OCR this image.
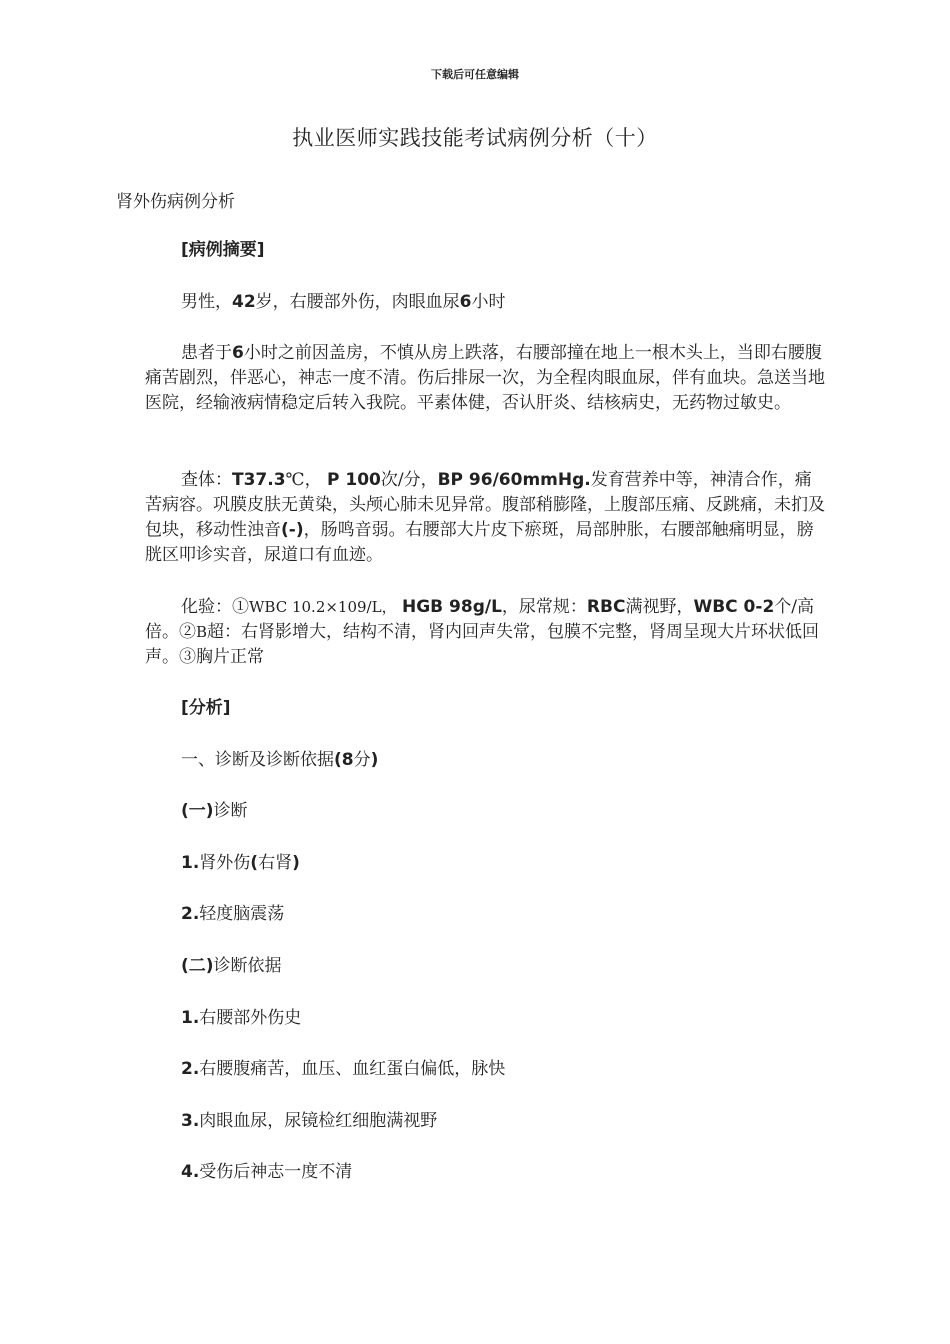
下载后可任意编辑
执业医师实践技能考试病例分析（十）
肾外伤病例分析
[病例摘要]
男性，42岁，右腰部外伤，肉眼血尿6小时
患者于6小时之前因盖房，不慎从房上跌落，右腰部撞在地上一根木头上，当即右腰腹痛苦剧烈，伴恶心，神志一度不清。伤后排尿一次，为全程肉眼血尿，伴有血块。急送当地医院，经输液病情稳定后转入我院。平素体健，否认肝炎、结核病史，无药物过敏史。
查体：T37.3℃， P 100次/分，BP 96/60mmHg.发育营养中等，神清合作，痛苦病容。巩膜皮肤无黄染，头颅心肺未见异常。腹部稍膨隆，上腹部压痛、反跳痛，未扪及包块，移动性浊音(-)，肠鸣音弱。右腰部大片皮下瘀斑，局部肿胀，右腰部触痛明显，膀胱区叩诊实音，尿道口有血迹。
化验：①WBC 10.2×109/L， HGB 98g/L，尿常规：RBC满视野，WBC 0-2个/高倍。②B超：右肾影增大，结构不清，肾内回声失常，包膜不完整，肾周呈现大片环状低回声。③胸片正常
[分析]
一、诊断及诊断依据(8分)
(一)诊断
1.肾外伤(右肾)
2.轻度脑震荡
(二)诊断依据
1.右腰部外伤史
2.右腰腹痛苦，血压、血红蛋白偏低，脉快
3.肉眼血尿，尿镜检红细胞满视野
4.受伤后神志一度不清
